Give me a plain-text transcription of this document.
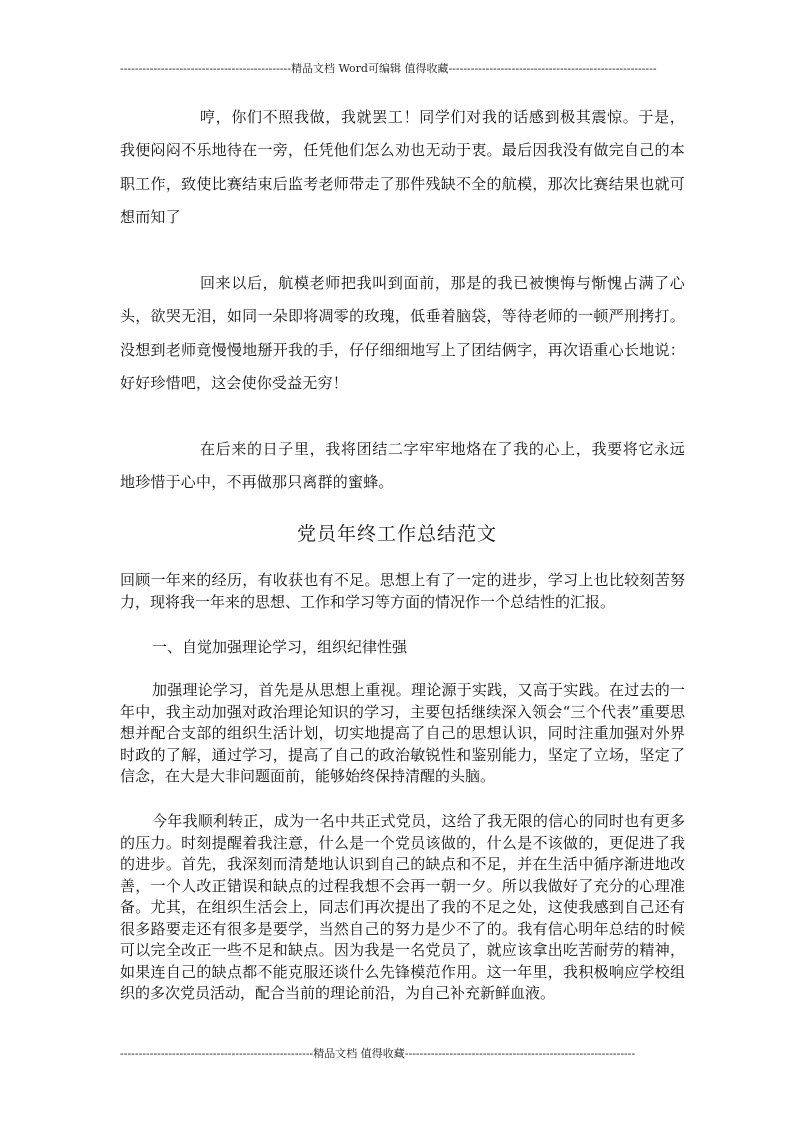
----------------------------------------------精品文档 Word可编辑 值得收藏--------------------------------------------------------

哼，你们不照我做，我就罢工！同学们对我的话感到极其震惊。于是，我便闷闷不乐地待在一旁，任凭他们怎么劝也无动于衷。最后因我没有做完自己的本职工作，致使比赛结束后监考老师带走了那件残缺不全的航模，那次比赛结果也就可想而知了

回来以后，航模老师把我叫到面前，那是的我已被懊悔与惭愧占满了心头，欲哭无泪，如同一朵即将凋零的玫瑰，低垂着脑袋，等待老师的一顿严刑拷打。没想到老师竟慢慢地掰开我的手，仔仔细细地写上了团结俩字，再次语重心长地说：好好珍惜吧，这会使你受益无穷！

在后来的日子里，我将团结二字牢牢地烙在了我的心上，我要将它永远地珍惜于心中，不再做那只离群的蜜蜂。

党员年终工作总结范文

回顾一年来的经历，有收获也有不足。思想上有了一定的进步，学习上也比较刻苦努力，现将我一年来的思想、工作和学习等方面的情况作一个总结性的汇报。

一、自觉加强理论学习，组织纪律性强

加强理论学习，首先是从思想上重视。理论源于实践，又高于实践。在过去的一年中，我主动加强对政治理论知识的学习，主要包括继续深入领会“三个代表”重要思想并配合支部的组织生活计划，切实地提高了自己的思想认识，同时注重加强对外界时政的了解，通过学习，提高了自己的政治敏锐性和鉴别能力，坚定了立场，坚定了信念，在大是大非问题面前，能够始终保持清醒的头脑。

今年我顺利转正，成为一名中共正式党员，这给了我无限的信心的同时也有更多的压力。时刻提醒着我注意，什么是一个党员该做的，什么是不该做的，更促进了我的进步。首先，我深刻而清楚地认识到自己的缺点和不足，并在生活中循序渐进地改善，一个人改正错误和缺点的过程我想不会再一朝一夕。所以我做好了充分的心理准备。尤其，在组织生活会上，同志们再次提出了我的不足之处，这使我感到自己还有很多路要走还有很多是要学，当然自己的努力是少不了的。我有信心明年总结的时候可以完全改正一些不足和缺点。因为我是一名党员了，就应该拿出吃苦耐劳的精神，如果连自己的缺点都不能克服还谈什么先锋模范作用。这一年里，我积极响应学校组织的多次党员活动，配合当前的理论前沿，为自己补充新鲜血液。

----------------------------------------------------精品文档 值得收藏--------------------------------------------------------------
